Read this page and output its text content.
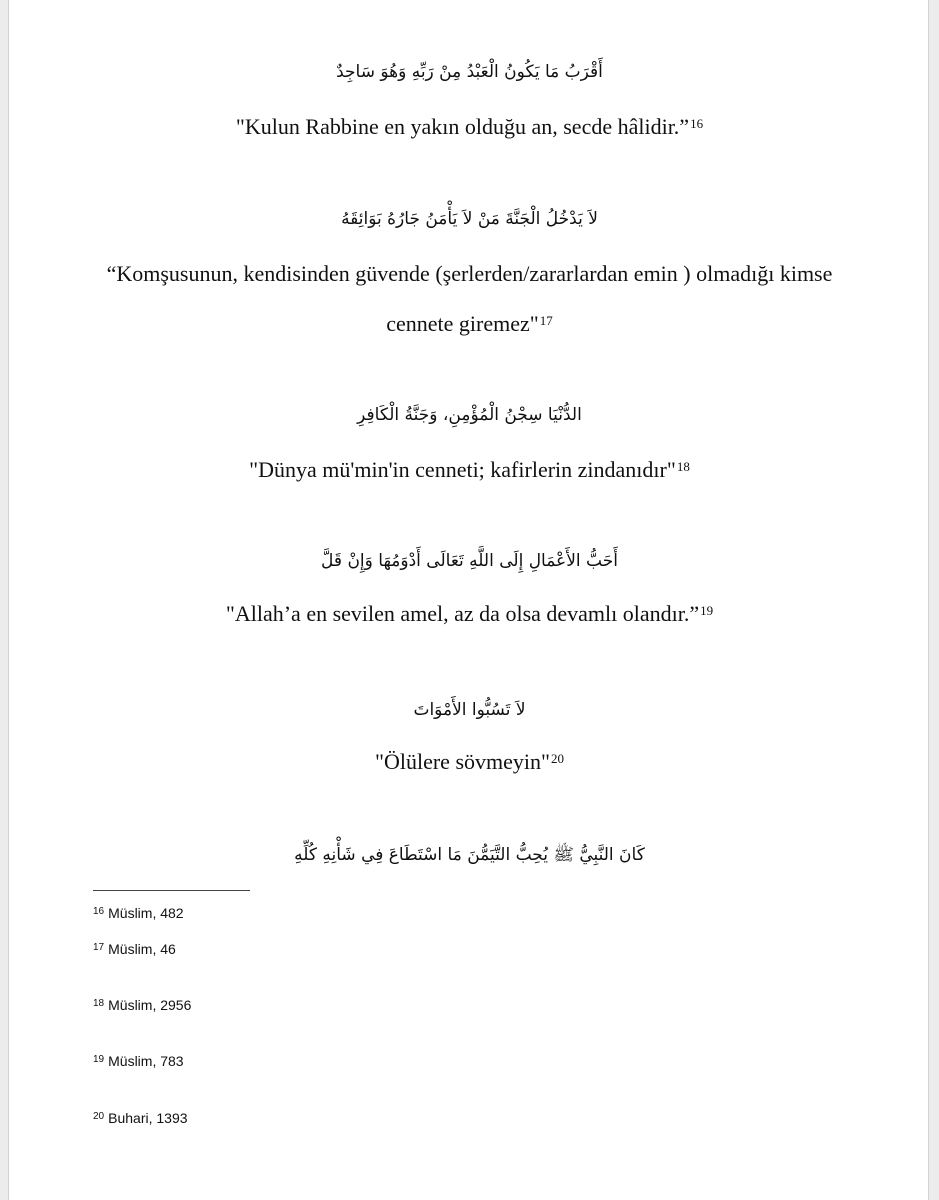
أَقْرَبُ مَا يَكُونُ الْعَبْدُ مِنْ رَبِّهِ وَهُوَ سَاجِدٌ
"Kulun Rabbine en yakın olduğu an, secde hâlidir.”$^{16}$
لاَ يَدْخُلُ الْجَنَّةَ مَنْ لاَ يَأْمَنُ جَارُهُ بَوَائِقَهُ
“Komşusunun, kendisinden güvende (şerlerden/zararlardan emin ) olmadığı kimse
cennete giremez"$^{17}$
الدُّنْيَا سِجْنُ الْمُؤْمِنِ، وَجَنَّةُ الْكَافِرِ
"Dünya mü'min'in cenneti; kafirlerin zindanıdır"$^{18}$
أَحَبُّ الأَعْمَالِ إِلَى اللَّهِ تَعَالَى أَدْوَمُهَا وَإِنْ قَلَّ
"Allah’a en sevilen amel, az da olsa devamlı olandır.”$^{19}$
لاَ تَسُبُّوا الأَمْوَاتَ
"Ölülere sövmeyin"$^{20}$
كَانَ النَّبِيُّ ﷺ يُحِبُّ التَّيَمُّنَ مَا اسْتَطَاعَ فِي شَأْنِهِ كُلِّهِ
$^{16}$ Müslim, 482
$^{17}$ Müslim, 46
$^{18}$ Müslim, 2956
$^{19}$ Müslim, 783
$^{20}$ Buhari, 1393
